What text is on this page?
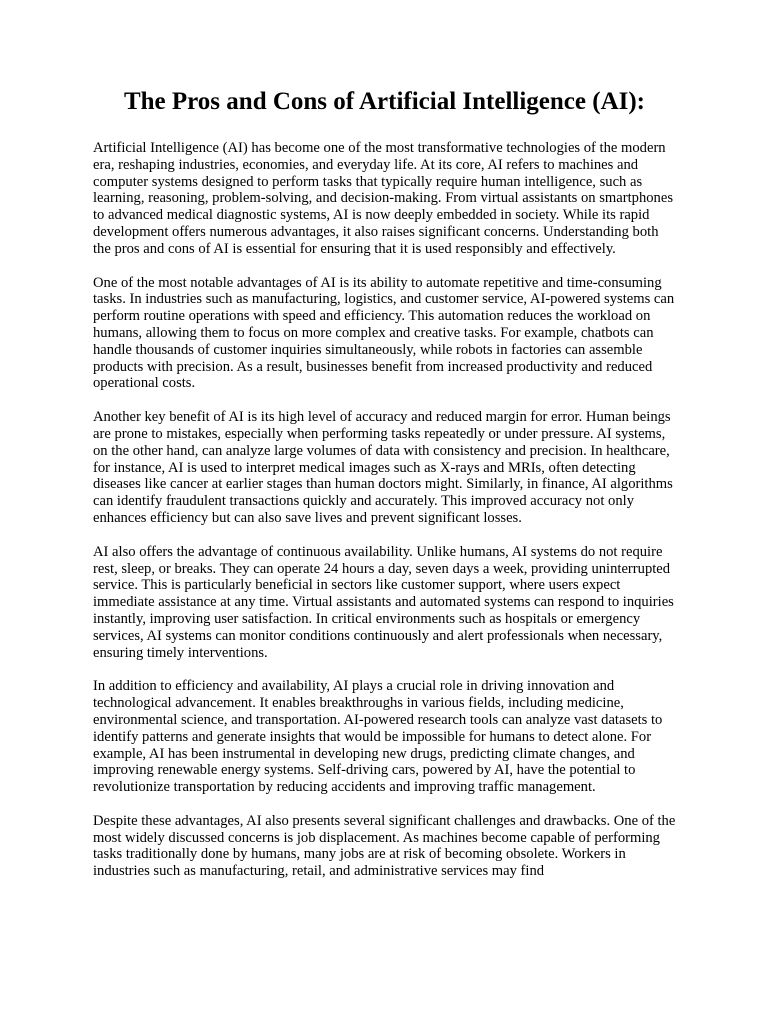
The Pros and Cons of Artificial Intelligence (AI):

Artificial Intelligence (AI) has become one of the most transformative technologies of the modern era, reshaping industries, economies, and everyday life. At its core, AI refers to machines and computer systems designed to perform tasks that typically require human intelligence, such as learning, reasoning, problem-solving, and decision-making. From virtual assistants on smartphones to advanced medical diagnostic systems, AI is now deeply embedded in society. While its rapid development offers numerous advantages, it also raises significant concerns. Understanding both the pros and cons of AI is essential for ensuring that it is used responsibly and effectively.

One of the most notable advantages of AI is its ability to automate repetitive and time-consuming tasks. In industries such as manufacturing, logistics, and customer service, AI-powered systems can perform routine operations with speed and efficiency. This automation reduces the workload on humans, allowing them to focus on more complex and creative tasks. For example, chatbots can handle thousands of customer inquiries simultaneously, while robots in factories can assemble products with precision. As a result, businesses benefit from increased productivity and reduced operational costs.

Another key benefit of AI is its high level of accuracy and reduced margin for error. Human beings are prone to mistakes, especially when performing tasks repeatedly or under pressure. AI systems, on the other hand, can analyze large volumes of data with consistency and precision. In healthcare, for instance, AI is used to interpret medical images such as X-rays and MRIs, often detecting diseases like cancer at earlier stages than human doctors might. Similarly, in finance, AI algorithms can identify fraudulent transactions quickly and accurately. This improved accuracy not only enhances efficiency but can also save lives and prevent significant losses.

AI also offers the advantage of continuous availability. Unlike humans, AI systems do not require rest, sleep, or breaks. They can operate 24 hours a day, seven days a week, providing uninterrupted service. This is particularly beneficial in sectors like customer support, where users expect immediate assistance at any time. Virtual assistants and automated systems can respond to inquiries instantly, improving user satisfaction. In critical environments such as hospitals or emergency services, AI systems can monitor conditions continuously and alert professionals when necessary, ensuring timely interventions.

In addition to efficiency and availability, AI plays a crucial role in driving innovation and technological advancement. It enables breakthroughs in various fields, including medicine, environmental science, and transportation. AI-powered research tools can analyze vast datasets to identify patterns and generate insights that would be impossible for humans to detect alone. For example, AI has been instrumental in developing new drugs, predicting climate changes, and improving renewable energy systems. Self-driving cars, powered by AI, have the potential to revolutionize transportation by reducing accidents and improving traffic management.

Despite these advantages, AI also presents several significant challenges and drawbacks. One of the most widely discussed concerns is job displacement. As machines become capable of performing tasks traditionally done by humans, many jobs are at risk of becoming obsolete. Workers in industries such as manufacturing, retail, and administrative services may find
